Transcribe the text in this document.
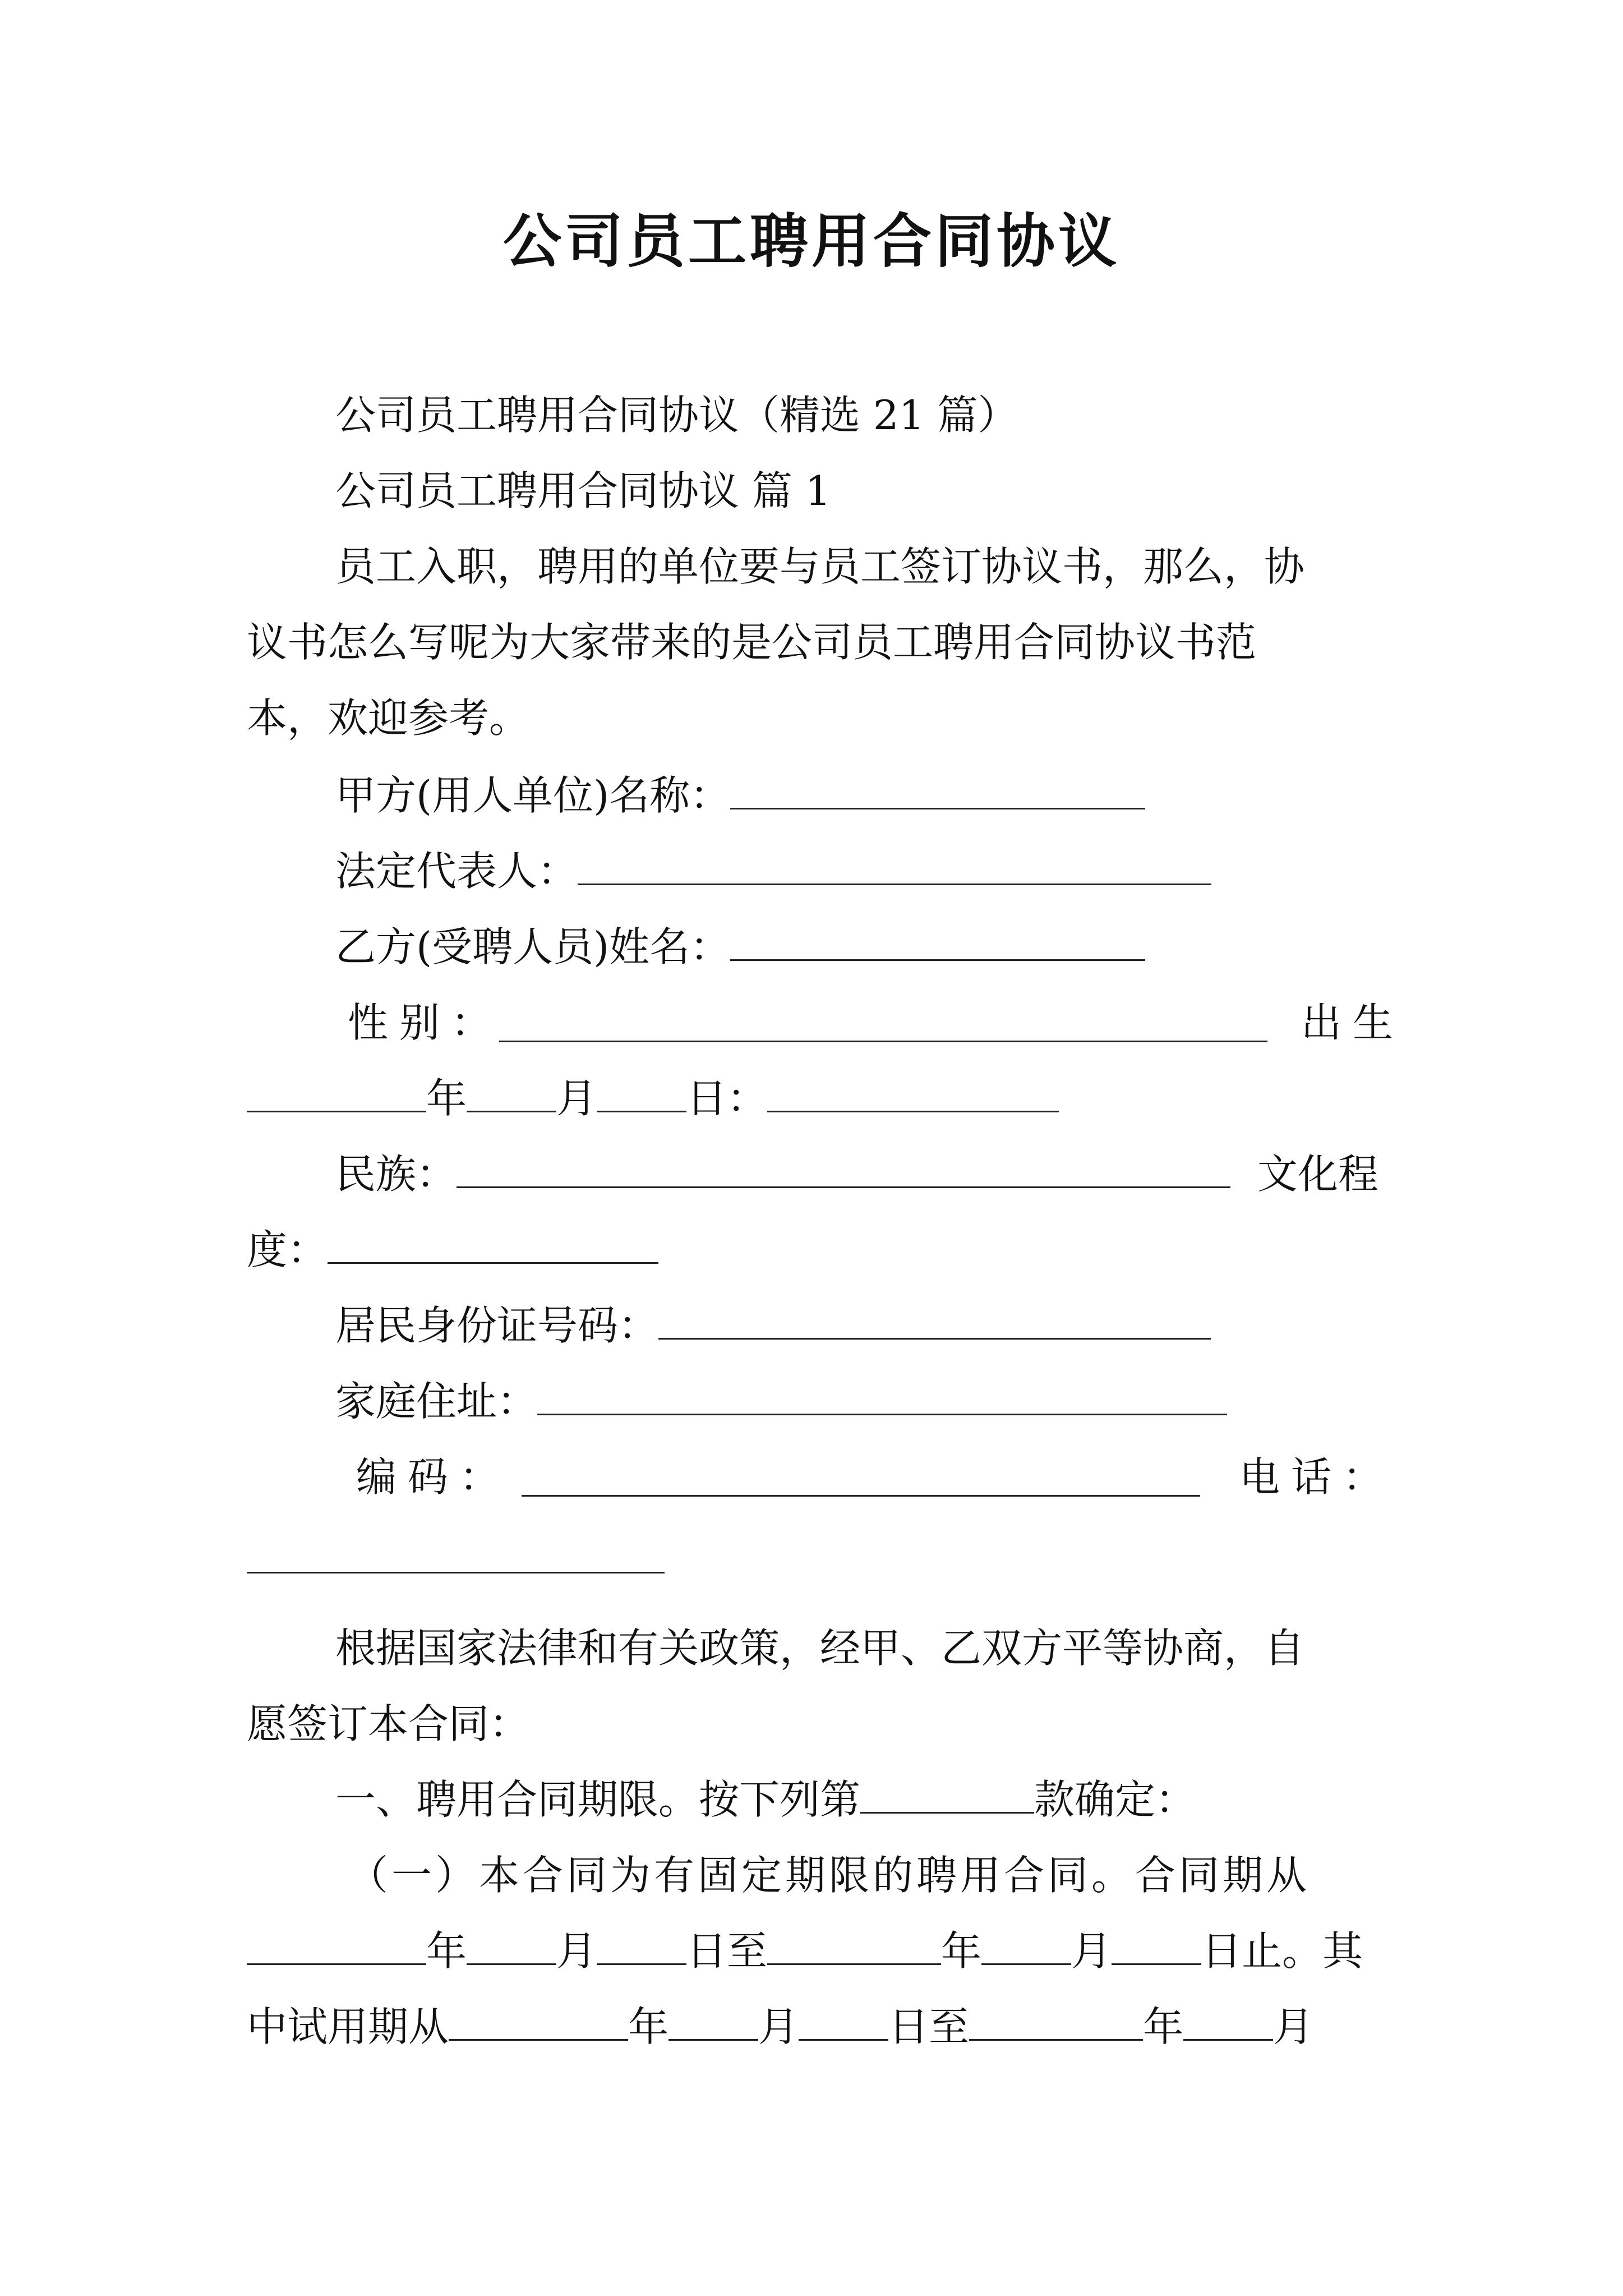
公司员工聘用合同协议
公司员工聘用合同协议（精选 21 篇）
公司员工聘用合同协议 篇 1
员工入职，聘用的单位要与员工签订协议书，那么，协
议书怎么写呢为大家带来的是公司员工聘用合同协议书范
本，欢迎参考。
甲方(用人单位)名称：
法定代表人：
乙方(受聘人员)姓名：
性别：	出生
年 月 日：
民族：	文化程
度：
居民身份证号码：
家庭住址：
编码：	电话：
根据国家法律和有关政策，经甲、乙双方平等协商，自
愿签订本合同：
一、聘用合同期限。按下列第	款确定：
（一）本合同为有固定期限的聘用合同。合同期从
年 月 日至	年 月 日止。其
中试用期从	年 月 日至	年 月
